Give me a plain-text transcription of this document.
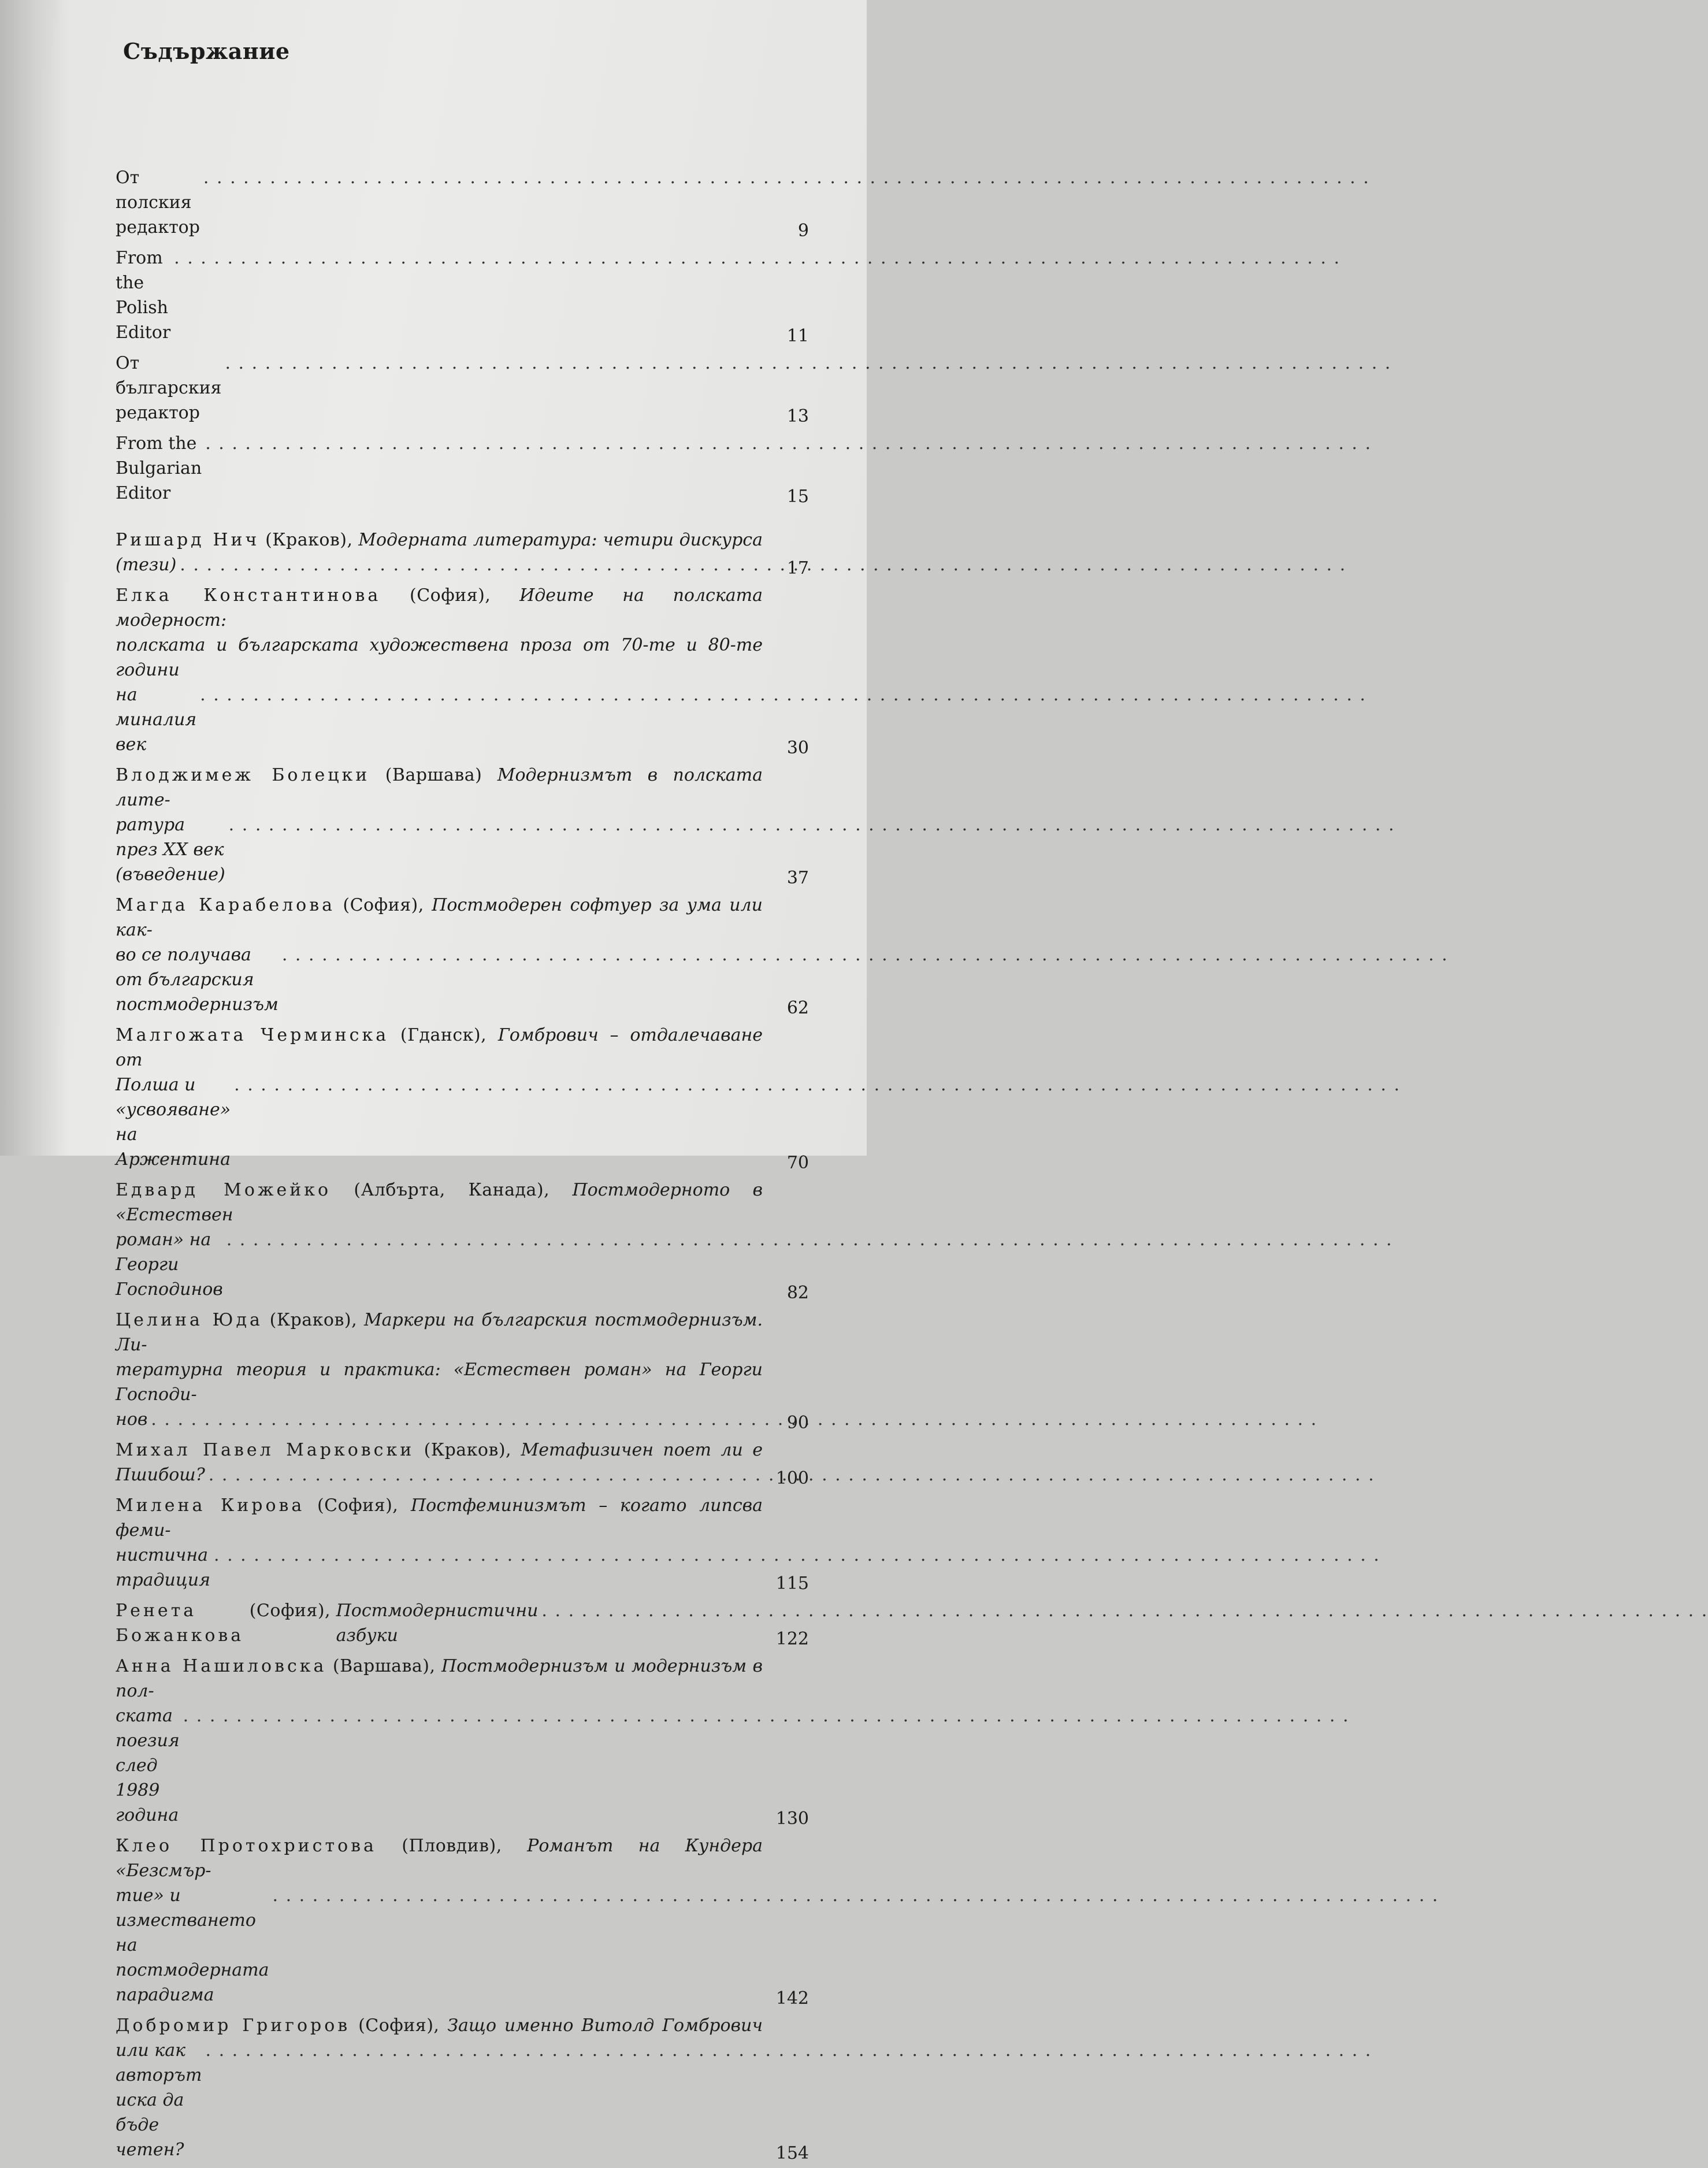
Съдържание
От полския редактор
. . .	9
From the Polish Editor
. . .	11
От българския редактор
. . .	13
From the Bulgarian Editor
. . .	15
Ришард Нич (Краков), Модерната литература: четири дискурса
(тези) . . .	17
Елка Константинова (София), Идеите на полската модерност:
полската и българската художествена проза от 70-те и 80-те години
на миналия век
. . .	30
Влоджимеж Болецки (Варшава) Модернизмът в полската лите-
ратура през XX век (въведение)
. . .	37
Магда Карабелова (София), Постмодерен софтуер за ума или как-
во се получава от българския постмодернизъм
. . .	62
Малгожата Черминска (Гданск), Гомбрович – отдалечаване от
Полша и «усвояване» на Аржентина
. . .	70
Едвард Можейко (Албърта, Канада), Постмодерното в «Естествен
роман» на Георги Господинов
. . .	82
Целина Юда (Краков), Маркери на българския постмодернизъм. Ли-
тературна теория и практика: «Естествен роман» на Георги Господи-
нов . . .	90
Михал Павел Марковски (Краков), Метафизичен поет ли е
Пшибош? . . .	100
Милена Кирова (София), Постфеминизмът – когато липсва феми-
нистична традиция
. . .	115
Ренета Божанкова

(София),
Постмодернистични азбуки
. . .	122
Анна Нашиловска (Варшава), Постмодернизъм и модернизъм в пол-
ската поезия след 1989 година
. . .	130
Клео Протохристова (Пловдив), Романът на Кундера «Безсмър-
тие» и изместването на постмодерната парадигма
. . .	142
Добромир Григоров (София), Защо именно Витолд Гомбрович
или как авторът иска да бъде четен?
. . .	154
